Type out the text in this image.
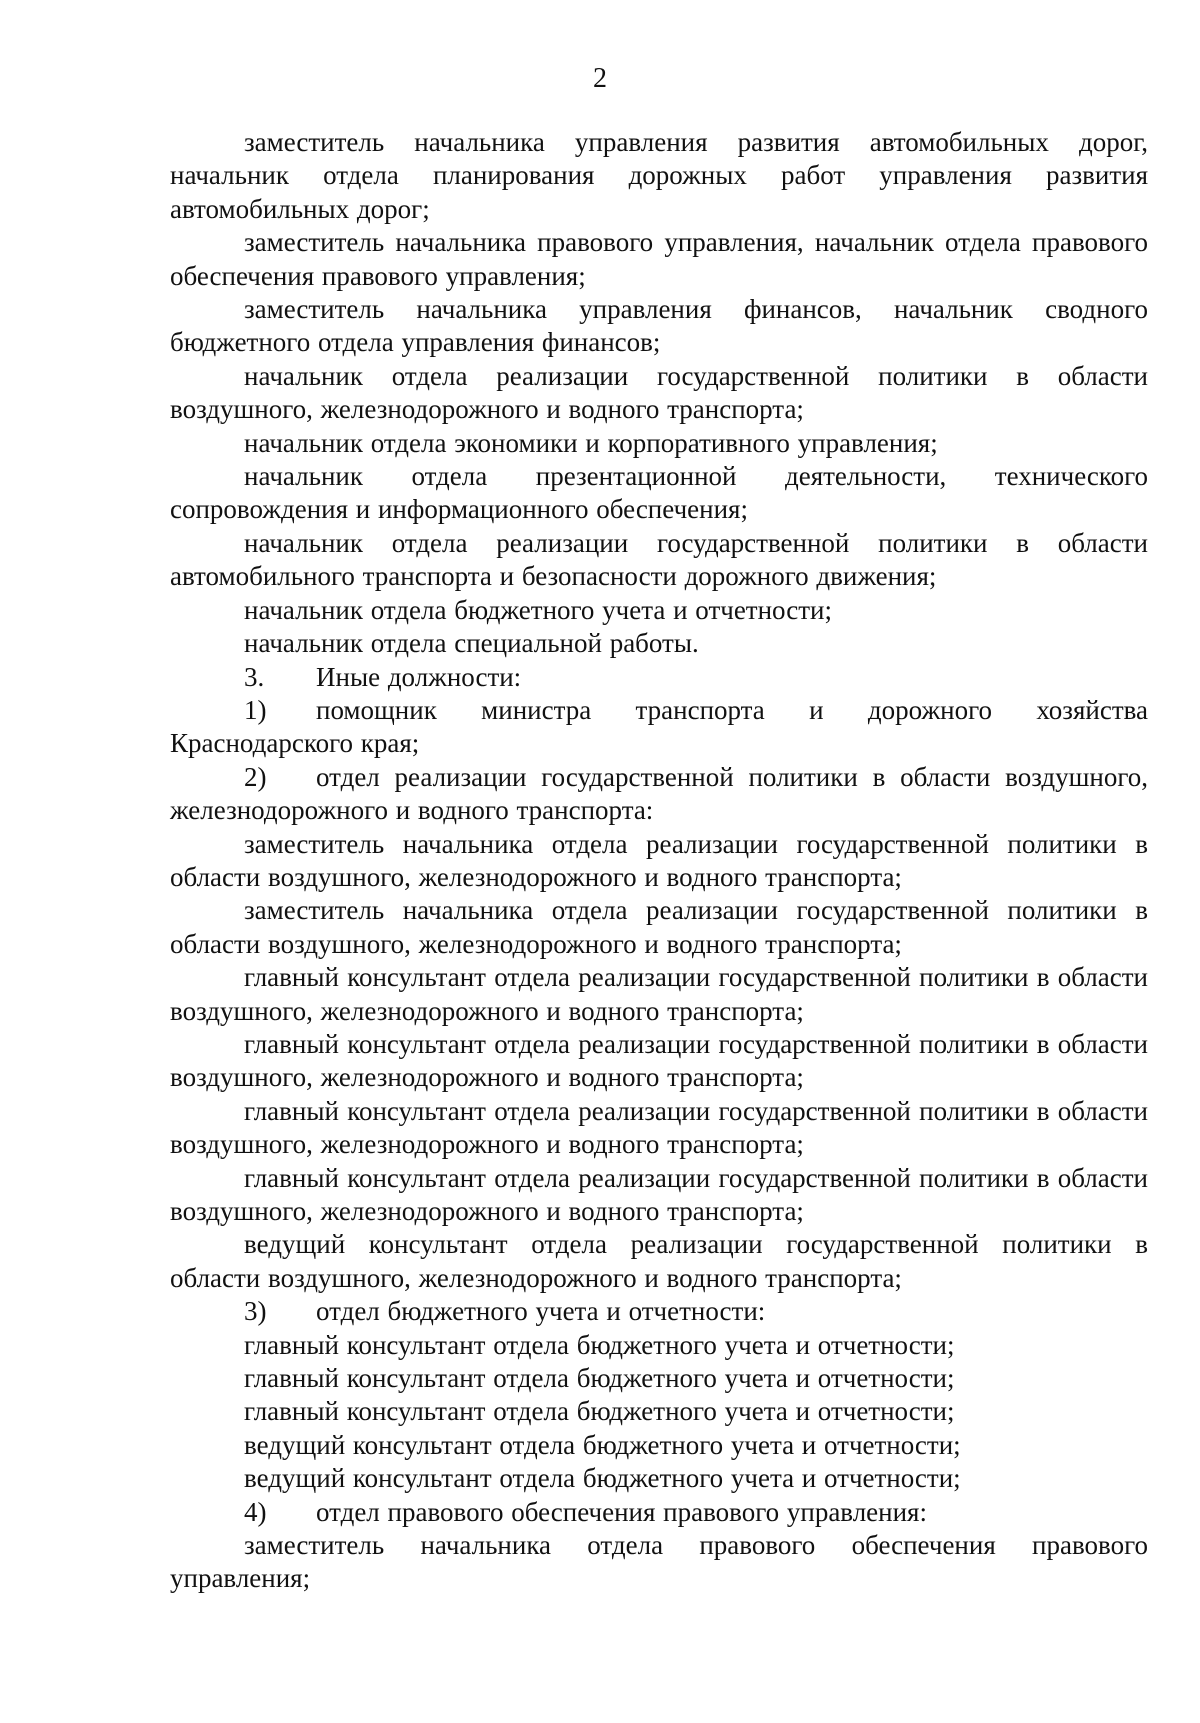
2

заместитель начальника управления развития автомобильных дорог, начальник отдела планирования дорожных работ управления развития автомобильных дорог;

заместитель начальника правового управления, начальник отдела правового обеспечения правового управления;

заместитель начальника управления финансов, начальник сводного бюджетного отдела управления финансов;

начальник отдела реализации государственной политики в области воздушного, железнодорожного и водного транспорта;

начальник отдела экономики и корпоративного управления;

начальник отдела презентационной деятельности, технического сопровождения и информационного обеспечения;

начальник отдела реализации государственной политики в области автомобильного транспорта и безопасности дорожного движения;

начальник отдела бюджетного учета и отчетности;

начальник отдела специальной работы.

3. Иные должности:

1) помощник министра транспорта и дорожного хозяйства Краснодарского края;

2) отдел реализации государственной политики в области воздушного, железнодорожного и водного транспорта:

заместитель начальника отдела реализации государственной политики в области воздушного, железнодорожного и водного транспорта;

заместитель начальника отдела реализации государственной политики в области воздушного, железнодорожного и водного транспорта;

главный консультант отдела реализации государственной политики в области воздушного, железнодорожного и водного транспорта;

главный консультант отдела реализации государственной политики в области воздушного, железнодорожного и водного транспорта;

главный консультант отдела реализации государственной политики в области воздушного, железнодорожного и водного транспорта;

главный консультант отдела реализации государственной политики в области воздушного, железнодорожного и водного транспорта;

ведущий консультант отдела реализации государственной политики в области воздушного, железнодорожного и водного транспорта;

3) отдел бюджетного учета и отчетности:

главный консультант отдела бюджетного учета и отчетности;

главный консультант отдела бюджетного учета и отчетности;

главный консультант отдела бюджетного учета и отчетности;

ведущий консультант отдела бюджетного учета и отчетности;

ведущий консультант отдела бюджетного учета и отчетности;

4) отдел правового обеспечения правового управления:

заместитель начальника отдела правового обеспечения правового управления;
